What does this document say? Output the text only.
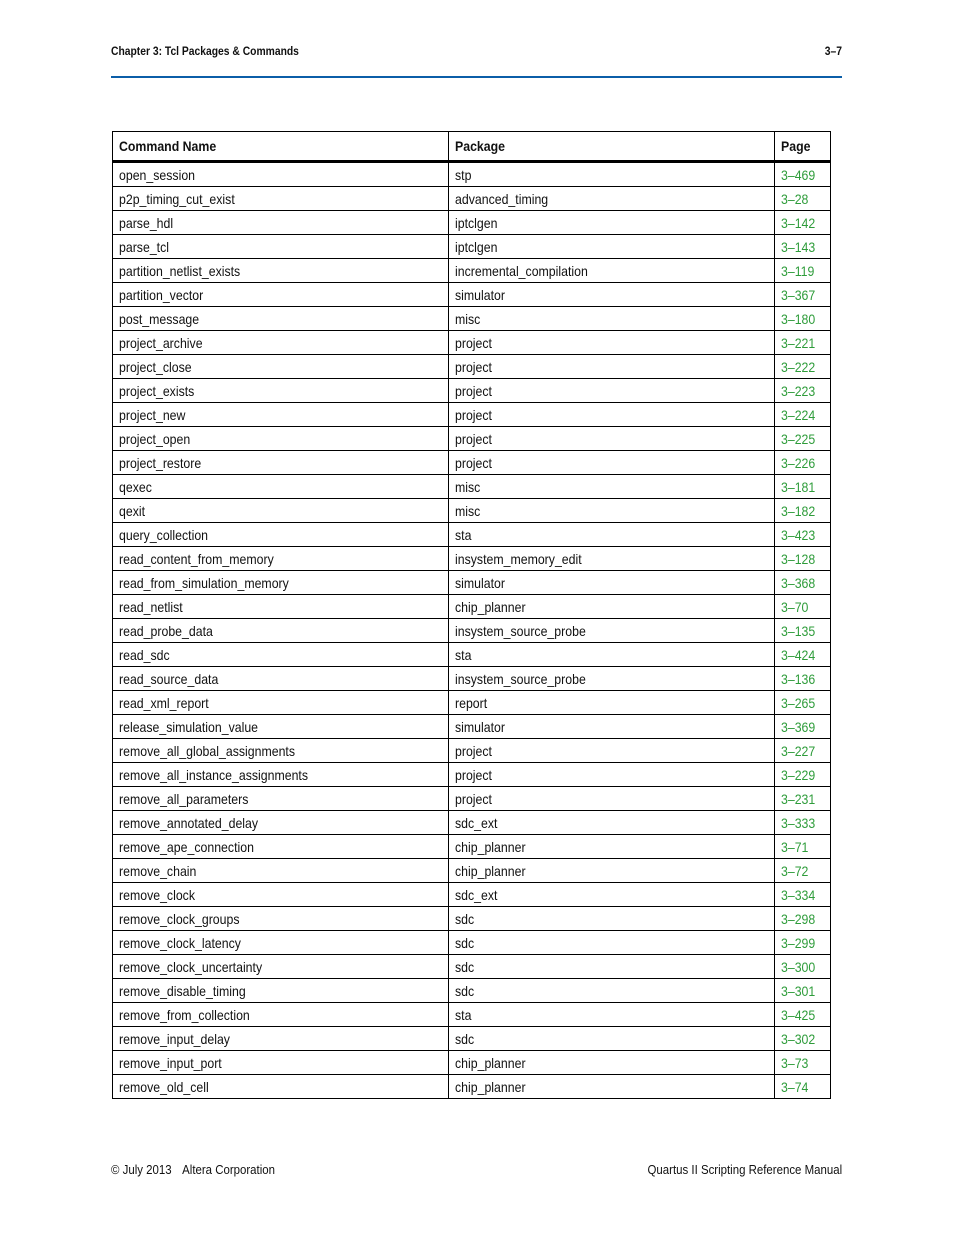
Chapter 3: Tcl Packages & Commands	3–7
Command Name	Package	Page
open_session	stp	3–469
p2p_timing_cut_exist	advanced_timing	3–28
parse_hdl	iptclgen	3–142
parse_tcl	iptclgen	3–143
partition_netlist_exists	incremental_compilation	3–119
partition_vector	simulator	3–367
post_message	misc	3–180
project_archive	project	3–221
project_close	project	3–222
project_exists	project	3–223
project_new	project	3–224
project_open	project	3–225
project_restore	project	3–226
qexec	misc	3–181
qexit	misc	3–182
query_collection	sta	3–423
read_content_from_memory	insystem_memory_edit	3–128
read_from_simulation_memory	simulator	3–368
read_netlist	chip_planner	3–70
read_probe_data	insystem_source_probe	3–135
read_sdc	sta	3–424
read_source_data	insystem_source_probe	3–136
read_xml_report	report	3–265
release_simulation_value	simulator	3–369
remove_all_global_assignments	project	3–227
remove_all_instance_assignments	project	3–229
remove_all_parameters	project	3–231
remove_annotated_delay	sdc_ext	3–333
remove_ape_connection	chip_planner	3–71
remove_chain	chip_planner	3–72
remove_clock	sdc_ext	3–334
remove_clock_groups	sdc	3–298
remove_clock_latency	sdc	3–299
remove_clock_uncertainty	sdc	3–300
remove_disable_timing	sdc	3–301
remove_from_collection	sta	3–425
remove_input_delay	sdc	3–302
remove_input_port	chip_planner	3–73
remove_old_cell	chip_planner	3–74
© July 2013 Altera Corporation	Quartus II Scripting Reference Manual
